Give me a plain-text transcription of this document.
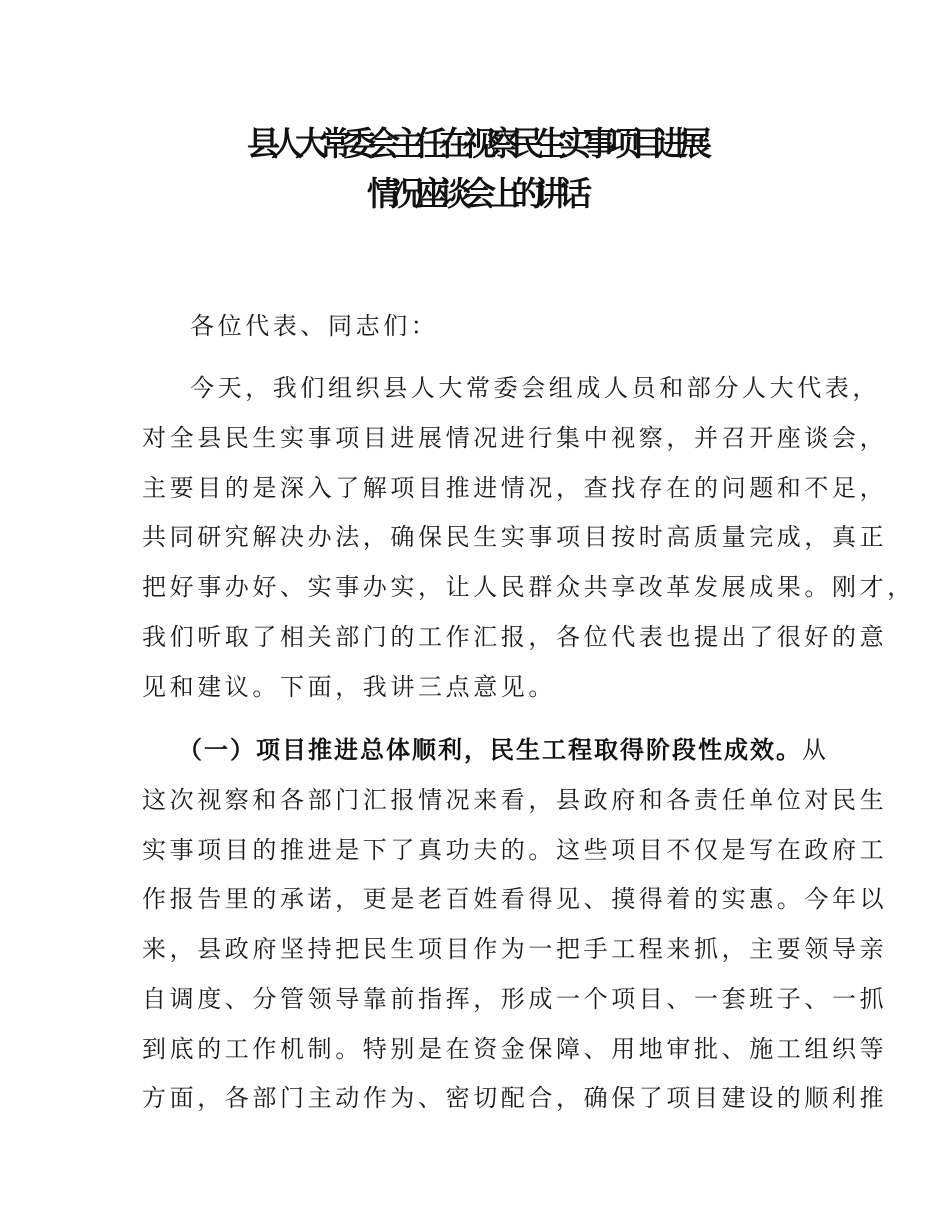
县人大常委会主任在视察民生实事项目进展
情况座谈会上的讲话
各位代表、同志们：
今天，我们组织县人大常委会组成人员和部分人大代表，
对全县民生实事项目进展情况进行集中视察，并召开座谈会，
主要目的是深入了解项目推进情况，查找存在的问题和不足，
共同研究解决办法，确保民生实事项目按时高质量完成，真正
把好事办好、实事办实，让人民群众共享改革发展成果。刚才，
我们听取了相关部门的工作汇报，各位代表也提出了很好的意
见和建议。下面，我讲三点意见。
（一）项目推进总体顺利，民生工程取得阶段性成效。从
这次视察和各部门汇报情况来看，县政府和各责任单位对民生
实事项目的推进是下了真功夫的。这些项目不仅是写在政府工
作报告里的承诺，更是老百姓看得见、摸得着的实惠。今年以
来，县政府坚持把民生项目作为一把手工程来抓，主要领导亲
自调度、分管领导靠前指挥，形成一个项目、一套班子、一抓
到底的工作机制。特别是在资金保障、用地审批、施工组织等
方面，各部门主动作为、密切配合，确保了项目建设的顺利推
